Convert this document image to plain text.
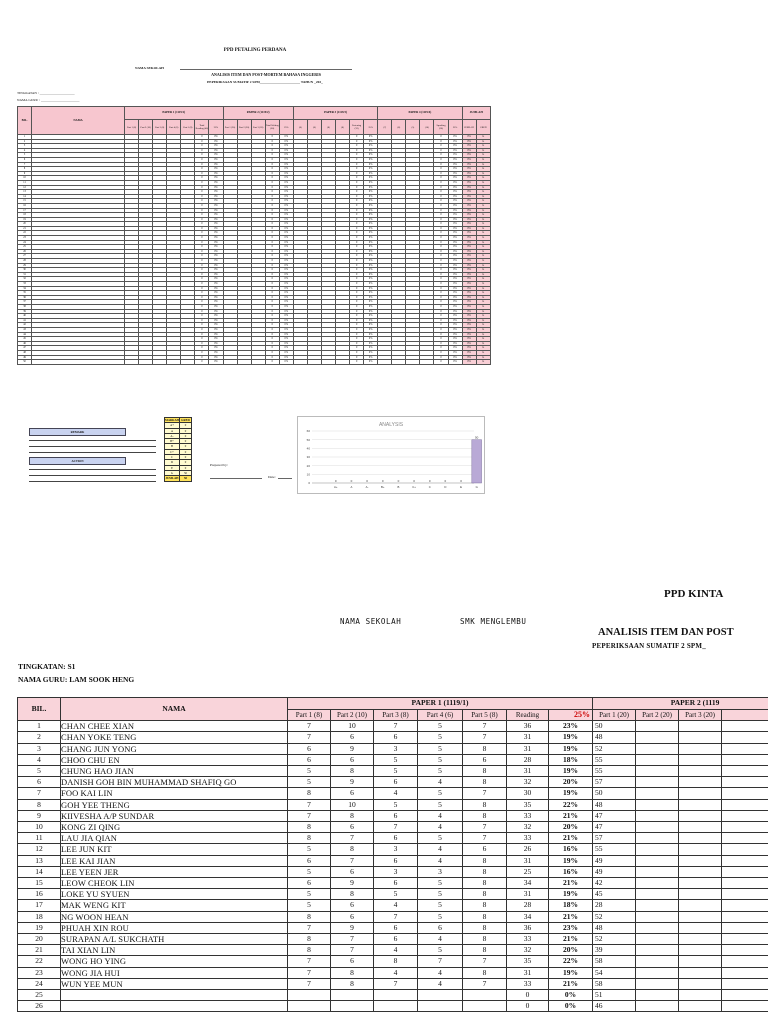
PPD PETALING PERDANA
NAMA SEKOLAH
ANALISIS ITEM DAN POST-MORTEM BAHASA INGGERIS
PEPERIKSAAN SUMATIF 2 SPM_______________________ TAHUN _202_
TINGKATAN : ____________________
NAMA GURU : ______________________
BIL.	NAMA	PAPER 1 (1119/1)							PAPER 2 (1119/2)					PAPER 3 (1119/3)						PAPER 4 (1119/4)						JUMLAH	
		Part 1 (8)	Part 2 (10)	Part 3 (8)	Part 4 (6)	Part 5 (8)	Total Reading (40)	25%	Part 1 (20)	Part 2 (20)	Part 3 (20)	Total Writing (60)	25%	(8)	(8)	(8)	(8)	Listening (32)	25%	(7)	(8)	(5)	(10)	Speaking (30)	25%	JUMLAH	GRED
1							0	0%				0	0%					0	0%					0	0%	0%	G
2							0	0%				0	0%					0	0%					0	0%	0%	G
3							0	0%				0	0%					0	0%					0	0%	0%	G
4							0	0%				0	0%					0	0%					0	0%	0%	G
5							0	0%				0	0%					0	0%					0	0%	0%	G
6							0	0%				0	0%					0	0%					0	0%	0%	G
7							0	0%				0	0%					0	0%					0	0%	0%	G
8							0	0%				0	0%					0	0%					0	0%	0%	G
9							0	0%				0	0%					0	0%					0	0%	0%	G
10							0	0%				0	0%					0	0%					0	0%	0%	G
11							0	0%				0	0%					0	0%					0	0%	0%	G
12							0	0%				0	0%					0	0%					0	0%	0%	G
13							0	0%				0	0%					0	0%					0	0%	0%	G
14							0	0%				0	0%					0	0%					0	0%	0%	G
15							0	0%				0	0%					0	0%					0	0%	0%	G
16							0	0%				0	0%					0	0%					0	0%	0%	G
17							0	0%				0	0%					0	0%					0	0%	0%	G
18							0	0%				0	0%					0	0%					0	0%	0%	G
19							0	0%				0	0%					0	0%					0	0%	0%	G
20							0	0%				0	0%					0	0%					0	0%	0%	G
21							0	0%				0	0%					0	0%					0	0%	0%	G
22							0	0%				0	0%					0	0%					0	0%	0%	G
23							0	0%				0	0%					0	0%					0	0%	0%	G
24							0	0%				0	0%					0	0%					0	0%	0%	G
25							0	0%				0	0%					0	0%					0	0%	0%	G
26							0	0%				0	0%					0	0%					0	0%	0%	G
27							0	0%				0	0%					0	0%					0	0%	0%	G
28							0	0%				0	0%					0	0%					0	0%	0%	G
29							0	0%				0	0%					0	0%					0	0%	0%	G
30							0	0%				0	0%					0	0%					0	0%	0%	G
31							0	0%				0	0%					0	0%					0	0%	0%	G
32							0	0%				0	0%					0	0%					0	0%	0%	G
33							0	0%				0	0%					0	0%					0	0%	0%	G
34							0	0%				0	0%					0	0%					0	0%	0%	G
35							0	0%				0	0%					0	0%					0	0%	0%	G
36							0	0%				0	0%					0	0%					0	0%	0%	G
37							0	0%				0	0%					0	0%					0	0%	0%	G
38							0	0%				0	0%					0	0%					0	0%	0%	G
39							0	0%				0	0%					0	0%					0	0%	0%	G
40							0	0%				0	0%					0	0%					0	0%	0%	G
41							0	0%				0	0%					0	0%					0	0%	0%	G
42							0	0%				0	0%					0	0%					0	0%	0%	G
43							0	0%				0	0%					0	0%					0	0%	0%	G
44							0	0%				0	0%					0	0%					0	0%	0%	G
45							0	0%				0	0%					0	0%					0	0%	0%	G
46							0	0%				0	0%					0	0%					0	0%	0%	G
47							0	0%				0	0%					0	0%					0	0%	0%	G
48							0	0%				0	0%					0	0%					0	0%	0%	G
49							0	0%				0	0%					0	0%					0	0%	0%	G
50							0	0%				0	0%					0	0%					0	0%	0%	G
REMARK
ACTION
MARKAH	GRED
A+	0
A	0
A-	0
B+	0
B	0
C+	0
C	0
D	0
E	0
G	50
JUMLAH	50
Prepared by:
Date:
ANALYSIS
0
10
20
30
40
50
60
0
A+
0
A
0
A-
0
B+
0
B
0
C+
0
C
0
D
0
E
50
G
PPD KINTA
NAMA SEKOLAH	SMK MENGLEMBU
ANALISIS ITEM DAN POST
PEPERIKSAAN SUMATIF 2 SPM_
TINGKATAN: S1
NAMA GURU: LAM SOOK HENG
BIL.	NAMA	PAPER 1 (1119/1)							PAPER 2 (1119			
		Part 1 (8)	Part 2 (10)	Part 3 (8)	Part 4 (6)	Part 5 (8)	Reading	25%	Part 1 (20)	Part 2 (20)	Part 3 (20)	
1	CHAN CHEE XIAN	7	10	7	5	7	36	23%	50			
2	CHAN YOKE TENG	7	6	6	5	7	31	19%	48			
3	CHANG JUN YONG	6	9	3	5	8	31	19%	52			
4	CHOO CHU EN	6	6	5	5	6	28	18%	55			
5	CHUNG HAO JIAN	5	8	5	5	8	31	19%	55			
6	DANISH GOH BIN MUHAMMAD SHAFIQ GO	5	9	6	4	8	32	20%	57			
7	FOO KAI LIN	8	6	4	5	7	30	19%	50			
8	GOH YEE THENG	7	10	5	5	8	35	22%	48			
9	KIIVESHA A/P SUNDAR	7	8	6	4	8	33	21%	47			
10	KONG ZI QING	8	6	7	4	7	32	20%	47			
11	LAU JIA QIAN	8	7	6	5	7	33	21%	57			
12	LEE JUN KIT	5	8	3	4	6	26	16%	55			
13	LEE KAI JIAN	6	7	6	4	8	31	19%	49			
14	LEE YEEN JER	5	6	3	3	8	25	16%	49			
15	LEOW CHEOK LIN	6	9	6	5	8	34	21%	42			
16	LOKE YU SYUEN	5	8	5	5	8	31	19%	45			
17	MAK WENG KIT	5	6	4	5	8	28	18%	28			
18	NG WOON HEAN	8	6	7	5	8	34	21%	52			
19	PHUAH XIN ROU	7	9	6	6	8	36	23%	48			
20	SURAPAN A/L SUKCHATH	8	7	6	4	8	33	21%	52			
21	TAI XIAN LIN	8	7	4	5	8	32	20%	39			
22	WONG HO YING	7	6	8	7	7	35	22%	58			
23	WONG JIA HUI	7	8	4	4	8	31	19%	54			
24	WUN YEE MUN	7	8	7	4	7	33	21%	58			
25							0	0%	51			
26							0	0%	46			
